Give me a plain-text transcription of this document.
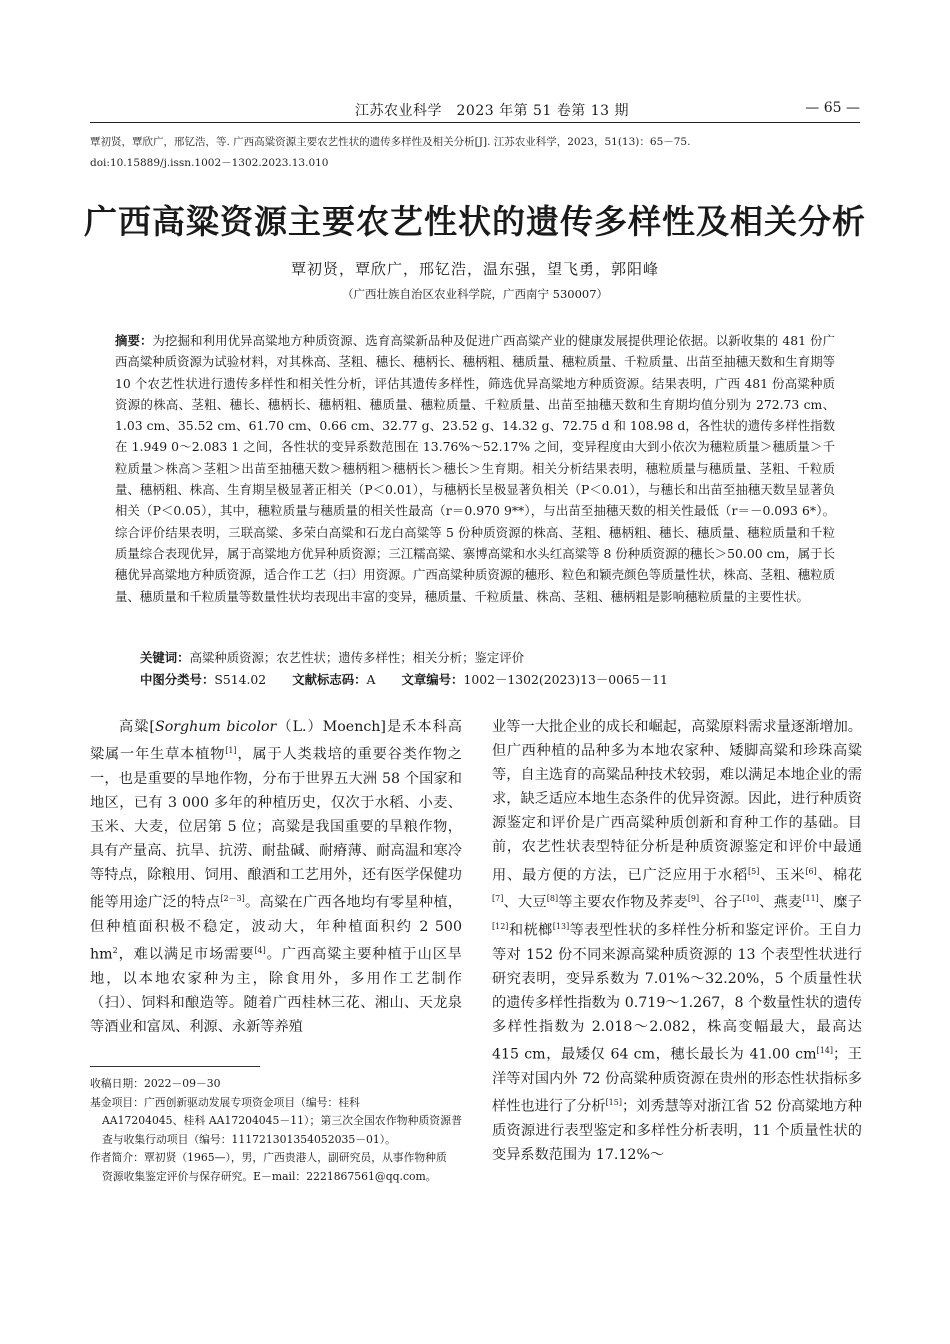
江苏农业科学　2023 年第 51 卷第 13 期	— 65 —
覃初贤，覃欣广，邢钇浩，等. 广西高粱资源主要农艺性状的遗传多样性及相关分析[J]. 江苏农业科学，2023，51(13)：65－75.
doi:10.15889/j.issn.1002－1302.2023.13.010
广西高粱资源主要农艺性状的遗传多样性及相关分析
覃初贤，覃欣广，邢钇浩，温东强，望飞勇，郭阳峰
（广西壮族自治区农业科学院，广西南宁 530007）
摘要：为挖掘和利用优异高粱地方种质资源、选育高粱新品种及促进广西高粱产业的健康发展提供理论依据。以新收集的 481 份广西高粱种质资源为试验材料，对其株高、茎粗、穗长、穗柄长、穗柄粗、穗质量、穗粒质量、千粒质量、出苗至抽穗天数和生育期等 10 个农艺性状进行遗传多样性和相关性分析，评估其遗传多样性，筛选优异高粱地方种质资源。结果表明，广西 481 份高粱种质资源的株高、茎粗、穗长、穗柄长、穗柄粗、穗质量、穗粒质量、千粒质量、出苗至抽穗天数和生育期均值分别为 272.73 cm、1.03 cm、35.52 cm、61.70 cm、0.66 cm、32.77 g、23.52 g、14.32 g、72.75 d 和 108.98 d，各性状的遗传多样性指数在 1.949 0～2.083 1 之间，各性状的变异系数范围在 13.76%～52.17% 之间，变异程度由大到小依次为穗粒质量＞穗质量＞千粒质量＞株高＞茎粗＞出苗至抽穗天数＞穗柄粗＞穗柄长＞穗长＞生育期。相关分析结果表明，穗粒质量与穗质量、茎粗、千粒质量、穗柄粗、株高、生育期呈极显著正相关（P＜0.01），与穗柄长呈极显著负相关（P＜0.01），与穗长和出苗至抽穗天数呈显著负相关（P＜0.05），其中，穗粒质量与穗质量的相关性最高（r＝0.970 9**），与出苗至抽穗天数的相关性最低（r＝－0.093 6*）。综合评价结果表明，三联高粱、多荣白高粱和石龙白高粱等 5 份种质资源的株高、茎粗、穗柄粗、穗长、穗质量、穗粒质量和千粒质量综合表现优异，属于高粱地方优异种质资源；三江糯高粱、寨博高粱和水头红高粱等 8 份种质资源的穗长＞50.00 cm，属于长穗优异高粱地方种质资源，适合作工艺（扫）用资源。广西高粱种质资源的穗形、粒色和颖壳颜色等质量性状，株高、茎粗、穗粒质量、穗质量和千粒质量等数量性状均表现出丰富的变异，穗质量、千粒质量、株高、茎粗、穗柄粗是影响穗粒质量的主要性状。
关键词：高粱种质资源；农艺性状；遗传多样性；相关分析；鉴定评价
中图分类号：S514.02 文献标志码：A 文章编号：1002－1302(2023)13－0065－11
高粱[Sorghum bicolor（L.）Moench]是禾本科高粱属一年生草本植物[1]，属于人类栽培的重要谷类作物之一，也是重要的旱地作物，分布于世界五大洲 58 个国家和地区，已有 3 000 多年的种植历史，仅次于水稻、小麦、玉米、大麦，位居第 5 位；高粱是我国重要的旱粮作物，具有产量高、抗旱、抗涝、耐盐碱、耐瘠薄、耐高温和寒冷等特点，除粮用、饲用、酿酒和工艺用外，还有医学保健功能等用途广泛的特点[2－3]。高粱在广西各地均有零星种植，但种植面积极不稳定，波动大，年种植面积约 2 500 $hm^2$，难以满足市场需要[4]。广西高粱主要种植于山区旱地，以本地农家种为主，除食用外，多用作工艺制作（扫）、饲料和酿造等。随着广西桂林三花、湘山、天龙泉等酒业和富凤、利源、永新等养殖
业等一大批企业的成长和崛起，高粱原料需求量逐渐增加。但广西种植的品种多为本地农家种、矮脚高粱和珍珠高粱等，自主选育的高粱品种技术较弱，难以满足本地企业的需求，缺乏适应本地生态条件的优异资源。因此，进行种质资源鉴定和评价是广西高粱种质创新和育种工作的基础。目前，农艺性状表型特征分析是种质资源鉴定和评价中最通用、最方便的方法，已广泛应用于水稻[5]、玉米[6]、棉花[7]、大豆[8]等主要农作物及荞麦[9]、谷子[10]、燕麦[11]、糜子[12]和桄榔[13]等表型性状的多样性分析和鉴定评价。王自力等对 152 份不同来源高粱种质资源的 13 个表型性状进行研究表明，变异系数为 7.01%～32.20%，5 个质量性状的遗传多样性指数为 0.719～1.267，8 个数量性状的遗传多样性指数为 2.018～2.082，株高变幅最大，最高达 415 cm，最矮仅 64 cm，穗长最长为 41.00 cm[14]；王洋等对国内外 72 份高粱种质资源在贵州的形态性状指标多样性也进行了分析[15]；刘秀慧等对浙江省 52 份高粱地方种质资源进行表型鉴定和多样性分析表明，11 个质量性状的变异系数范围为 17.12%～

收稿日期：2022－09－30

基金项目：广西创新驱动发展专项资金项目（编号：桂科

AA17204045、桂科 AA17204045－11）；第三次全国农作物种质资源普查与收集行动项目（编号：111721301354052035－01）。

作者简介：覃初贤（1965—），男，广西贵港人，副研究员，从事作物种质

资源收集鉴定评价与保存研究。E－mail：2221867561@qq.com。
